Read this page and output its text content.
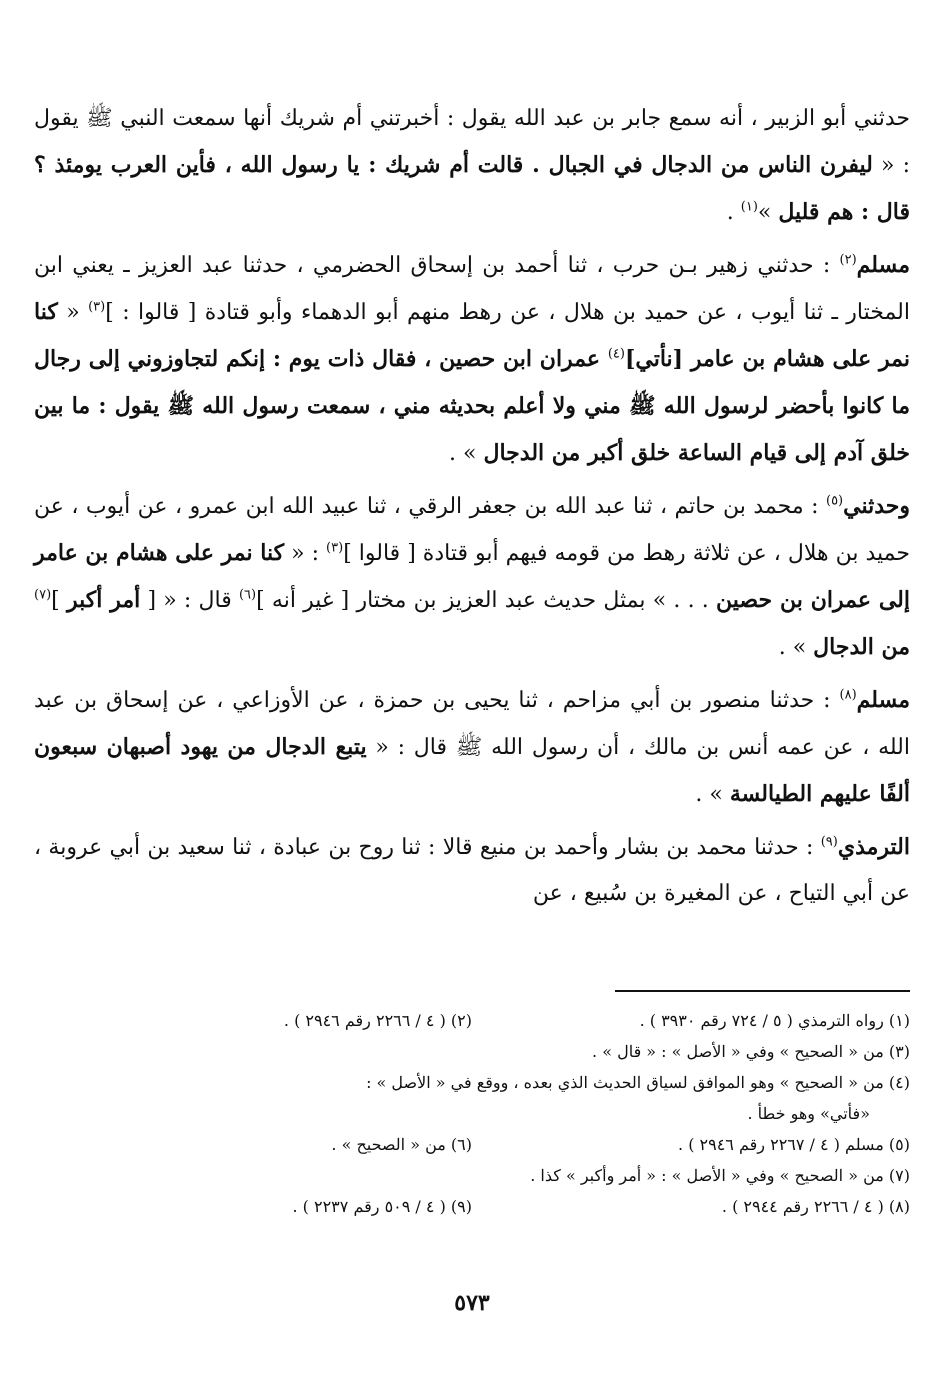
حدثني أبو الزبير ، أنه سمع جابر بن عبد الله يقول : أخبرتني أم شريك أنها سمعت النبي ﷺ يقول : « ليفرن الناس من الدجال في الجبال . قالت أم شريك : يا رسول الله ، فأين العرب يومئذ ؟ قال : هم قليل »$^{(١)}$ .

مسلم$^{(٢)}$ : حدثني زهير بـن حرب ، ثنا أحمد بن إسحاق الحضرمي ، حدثنا عبد العزيز ـ يعني ابن المختار ـ ثنا أيوب ، عن حميد بن هلال ، عن رهط منهم أبو الدهماء وأبو قتادة [ قالوا : ]$^{(٣)}$ « كنا نمر على هشام بن عامر [نأتي]$^{(٤)}$ عمران ابن حصين ، فقال ذات يوم : إنكم لتجاوزوني إلى رجال ما كانوا بأحضر لرسول الله ﷺ مني ولا أعلم بحديثه مني ، سمعت رسول الله ﷺ يقول : ما بين خلق آدم إلى قيام الساعة خلق أكبر من الدجال » .

وحدثني$^{(٥)}$ : محمد بن حاتم ، ثنا عبد الله بن جعفر الرقي ، ثنا عبيد الله ابن عمرو ، عن أيوب ، عن حميد بن هلال ، عن ثلاثة رهط من قومه فيهم أبو قتادة [ قالوا ]$^{(٣)}$ : « كنا نمر على هشام بن عامر إلى عمران بن حصين . . . » بمثل حديث عبد العزيز بن مختار [ غير أنه ]$^{(٦)}$ قال : « [ أمر أكبر ]$^{(٧)}$ من الدجال » .

مسلم$^{(٨)}$ : حدثنا منصور بن أبي مزاحم ، ثنا يحيى بن حمزة ، عن الأوزاعي ، عن إسحاق بن عبد الله ، عن عمه أنس بن مالك ، أن رسول الله ﷺ قال : « يتبع الدجال من يهود أصبهان سبعون ألفًا عليهم الطيالسة » .

الترمذي$^{(٩)}$ : حدثنا محمد بن بشار وأحمد بن منيع قالا : ثنا روح بن عبادة ، ثنا سعيد بن أبي عروبة ، عن أبي التياح ، عن المغيرة بن سُبيع ، عن

(١) رواه الترمذي ( ٥ / ٧٢٤ رقم ٣٩٣٠ ) .
(٢) ( ٤ / ٢٢٦٦ رقم ٢٩٤٦ ) .
(٣) من « الصحيح » وفي « الأصل » : « قال » .
(٤) من « الصحيح » وهو الموافق لسياق الحديث الذي بعده ، ووقع في « الأصل » :
«فأتي» وهو خطأ .
(٥) مسلم ( ٤ / ٢٢٦٧ رقم ٢٩٤٦ ) .
(٦) من « الصحيح » .
(٧) من « الصحيح » وفي « الأصل » : « أمر وأكبر » كذا .
(٨) ( ٤ / ٢٢٦٦ رقم ٢٩٤٤ ) .
(٩) ( ٤ / ٥٠٩ رقم ٢٢٣٧ ) .
٥٧٣
